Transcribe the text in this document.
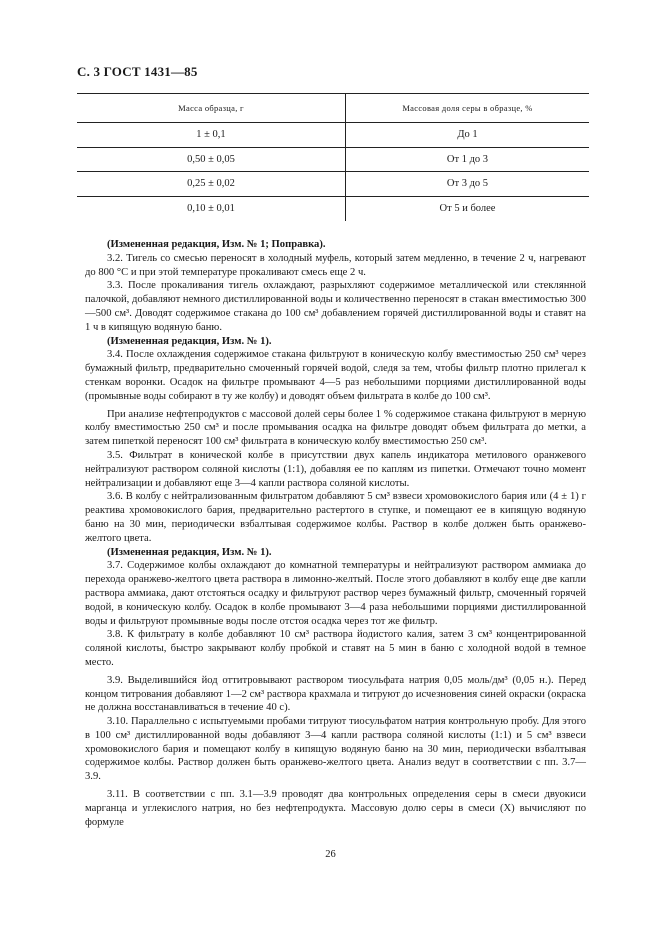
С. 3 ГОСТ 1431—85
Масса образца, г	Массовая доля серы в образце, %
1 ± 0,1	До 1
0,50 ± 0,05	От 1 до 3
0,25 ± 0,02	От 3 до 5
0,10 ± 0,01	От 5 и более

(Измененная редакция, Изм. № 1; Поправка).

3.2. Тигель со смесью переносят в холодный муфель, который затем медленно, в течение 2 ч, нагревают до 800 °С и при этой температуре прокаливают смесь еще 2 ч.

3.3. После прокаливания тигель охлаждают, разрыхляют содержимое металлической или стеклянной палочкой, добавляют немного дистиллированной воды и количественно переносят в стакан вместимостью 300—500 см³. Доводят содержимое стакана до 100 см³ добавлением горячей дистиллированной воды и ставят на 1 ч в кипящую водяную баню.

(Измененная редакция, Изм. № 1).

3.4. После охлаждения содержимое стакана фильтруют в коническую колбу вместимостью 250 см³ через бумажный фильтр, предварительно смоченный горячей водой, следя за тем, чтобы фильтр плотно прилегал к стенкам воронки. Осадок на фильтре промывают 4—5 раз небольшими порциями дистиллированной воды (промывные воды собирают в ту же колбу) и доводят объем фильтрата в колбе до 100 см³.

При анализе нефтепродуктов с массовой долей серы более 1 % содержимое стакана фильтруют в мерную колбу вместимостью 250 см³ и после промывания осадка на фильтре доводят объем фильтрата до метки, а затем пипеткой переносят 100 см³ фильтрата в коническую колбу вместимостью 250 см³.

3.5. Фильтрат в конической колбе в присутствии двух капель индикатора метилового оранжевого нейтрализуют раствором соляной кислоты (1:1), добавляя ее по каплям из пипетки. Отмечают точно момент нейтрализации и добавляют еще 3—4 капли раствора соляной кислоты.

3.6. В колбу с нейтрализованным фильтратом добавляют 5 см³ взвеси хромовокислого бария или (4 ± 1) г реактива хромовокислого бария, предварительно растертого в ступке, и помещают ее в кипящую водяную баню на 30 мин, периодически взбалтывая содержимое колбы. Раствор в колбе должен быть оранжево-желтого цвета.

(Измененная редакция, Изм. № 1).

3.7. Содержимое колбы охлаждают до комнатной температуры и нейтрализуют раствором аммиака до перехода оранжево-желтого цвета раствора в лимонно-желтый. После этого добавляют в колбу еще две капли раствора аммиака, дают отстояться осадку и фильтруют раствор через бумажный фильтр, смоченный горячей водой, в коническую колбу. Осадок в колбе промывают 3—4 раза небольшими порциями дистиллированной воды и фильтруют промывные воды после отстоя осадка через тот же фильтр.

3.8. К фильтрату в колбе добавляют 10 см³ раствора йодистого калия, затем 3 см³ концентрированной соляной кислоты, быстро закрывают колбу пробкой и ставят на 5 мин в баню с холодной водой в темное место.

3.9. Выделившийся йод оттитровывают раствором тиосульфата натрия 0,05 моль/дм³ (0,05 н.). Перед концом титрования добавляют 1—2 см³ раствора крахмала и титруют до исчезновения синей окраски (окраска не должна восстанавливаться в течение 40 с).

3.10. Параллельно с испытуемыми пробами титруют тиосульфатом натрия контрольную пробу. Для этого в 100 см³ дистиллированной воды добавляют 3—4 капли раствора соляной кислоты (1:1) и 5 см³ взвеси хромовокислого бария и помещают колбу в кипящую водяную баню на 30 мин, периодически взбалтывая содержимое колбы. Раствор должен быть оранжево-желтого цвета. Анализ ведут в соответствии с пп. 3.7—3.9.

3.11. В соответствии с пп. 3.1—3.9 проводят два контрольных определения серы в смеси двуокиси марганца и углекислого натрия, но без нефтепродукта. Массовую долю серы в смеси (X) вычисляют по формуле

26
